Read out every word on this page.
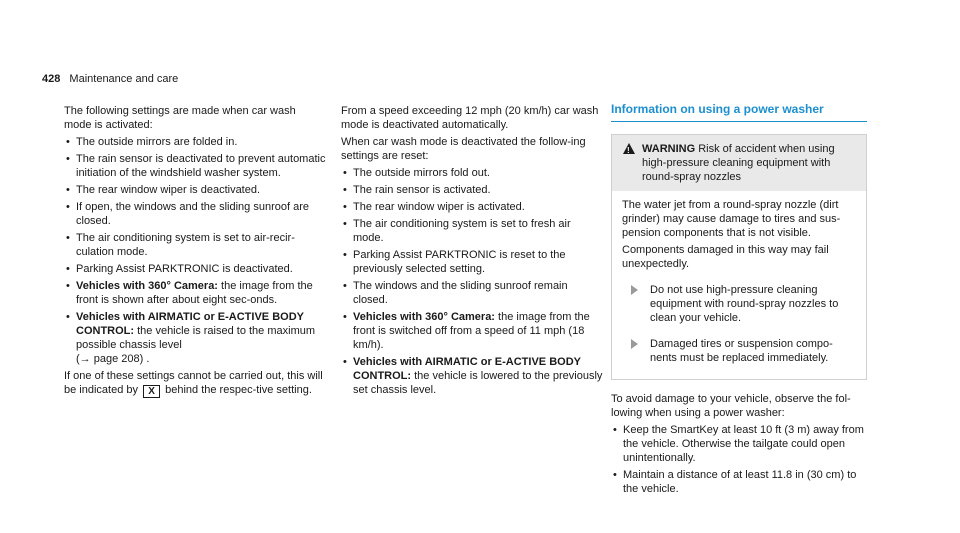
428 Maintenance and care

The following settings are made when car wash mode is activated:

• The outside mirrors are folded in.
• The rain sensor is deactivated to prevent automatic initiation of the windshield washer system.
• The rear window wiper is deactivated.
• If open, the windows and the sliding sunroof are closed.
• The air conditioning system is set to air-recir-culation mode.
• Parking Assist PARKTRONIC is deactivated.
• Vehicles with 360° Camera: the image from the front is shown after about eight sec-onds.
• Vehicles with AIRMATIC or E-ACTIVE BODY CONTROL: the vehicle is raised to the maximum possible chassis level
(→ page 208) .

If one of these settings cannot be carried out, this will be indicated by X behind the respec-tive setting.

From a speed exceeding 12 mph (20 km/h) car wash mode is deactivated automatically.

When car wash mode is deactivated the follow-ing settings are reset:

• The outside mirrors fold out.
• The rain sensor is activated.
• The rear window wiper is activated.
• The air conditioning system is set to fresh air mode.
• Parking Assist PARKTRONIC is reset to the previously selected setting.
• The windows and the sliding sunroof remain closed.
• Vehicles with 360° Camera: the image from the front is switched off from a speed of 11 mph (18 km/h).
• Vehicles with AIRMATIC or E-ACTIVE BODY CONTROL: the vehicle is lowered to the previously set chassis level.
Information on using a power washer
!
WARNING Risk of accident when using high-pressure cleaning equipment with round-spray nozzles

The water jet from a round-spray nozzle (dirt grinder) may cause damage to tires and sus-pension components that is not visible.

Components damaged in this way may fail unexpectedly.

Do not use high-pressure cleaning equipment with round-spray nozzles to clean your vehicle.
Damaged tires or suspension compo-nents must be replaced immediately.

To avoid damage to your vehicle, observe the fol-lowing when using a power washer:

• Keep the SmartKey at least 10 ft (3 m) away from the vehicle. Otherwise the tailgate could open unintentionally.
• Maintain a distance of at least 11.8 in (30 cm) to the vehicle.
